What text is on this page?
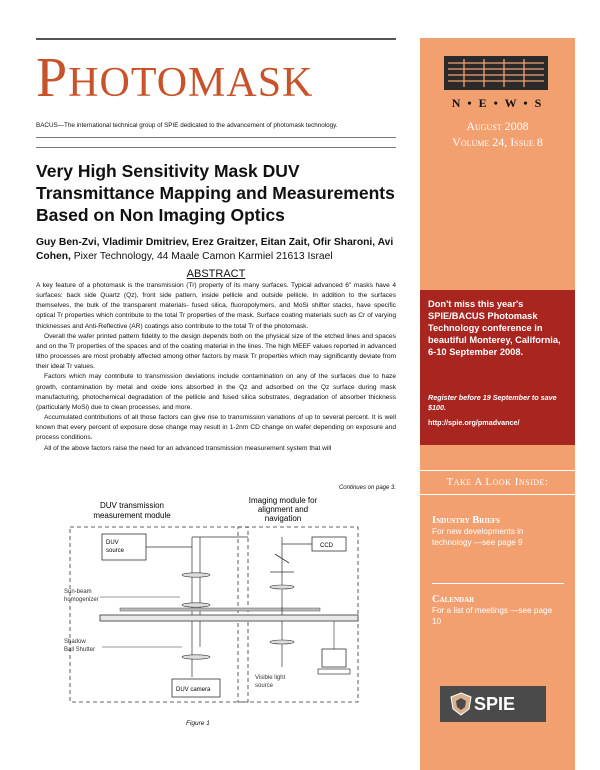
PHOTOMASK
BACUS—The international technical group of SPIE dedicated to the advancement of photomask technology.
Very High Sensitivity Mask DUV Transmittance Mapping and Measurements Based on Non Imaging Optics
Guy Ben-Zvi, Vladimir Dmitriev, Erez Graitzer, Eitan Zait, Ofir Sharoni, Avi Cohen, Pixer Technology, 44 Maale Camon Karmiel 21613 Israel
ABSTRACT

A key feature of a photomask is the transmission (Tr) property of its many surfaces. Typical advanced 6" masks have 4 surfaces: back side Quartz (Qz), front side pattern, inside pellicle and outside pellicle. In addition to the surfaces themselves, the bulk of the transparent materials- fused silica, fluoropolymers, and MoSi shifter stacks, have specific optical Tr properties which contribute to the total Tr properties of the mask. Surface coating materials such as Cr of varying thicknesses and Anti-Reflective (AR) coatings also contribute to the total Tr of the photomask.

Overall the wafer printed pattern fidelity to the design depends both on the physical size of the etched lines and spaces and on the Tr properties of the spaces and of the coating material in the lines. The high MEEF values reported in advanced litho processes are most probably affected among other factors by mask Tr properties which may significantly deviate from their ideal Tr values.

Factors which may contribute to transmission deviations include contamination on any of the surfaces due to haze growth, contamination by metal and oxide ions absorbed in the Qz and adsorbed on the Qz surface during mask manufacturing, photochemical degradation of the pellicle and fused silica substrates, degradation of absorber thickness (particularly MoSi) due to clean processes, and more.

Accumulated contributions of all those factors can give rise to transmission variations of up to several percent. It is well known that every percent of exposure dose change may result in 1-2nm CD change on wafer depending on exposure and process conditions.

All of the above factors raise the need for an advanced transmission measurement system that will

Continues on page 3.
DUV transmission
measurement module
Imaging module for
alignment and
navigation
DUV
source
Sun-beam
homogenizer
Shadow
Ball Shutter
DUV camera
CCD
Visible light
source
Figure 1
N • E • W • S
August 2008
Volume 24, Issue 8
Don't miss this year's SPIE/BACUS Photomask Technology conference in beautiful Monterey, California, 6-10 September 2008.
Register before 19 September to save $100.
http://spie.org/pmadvance/
Take A Look Inside:
Industry Briefs
For new developments in technology —see page 9
Calendar
For a list of meetings —see page 10
SPIE
